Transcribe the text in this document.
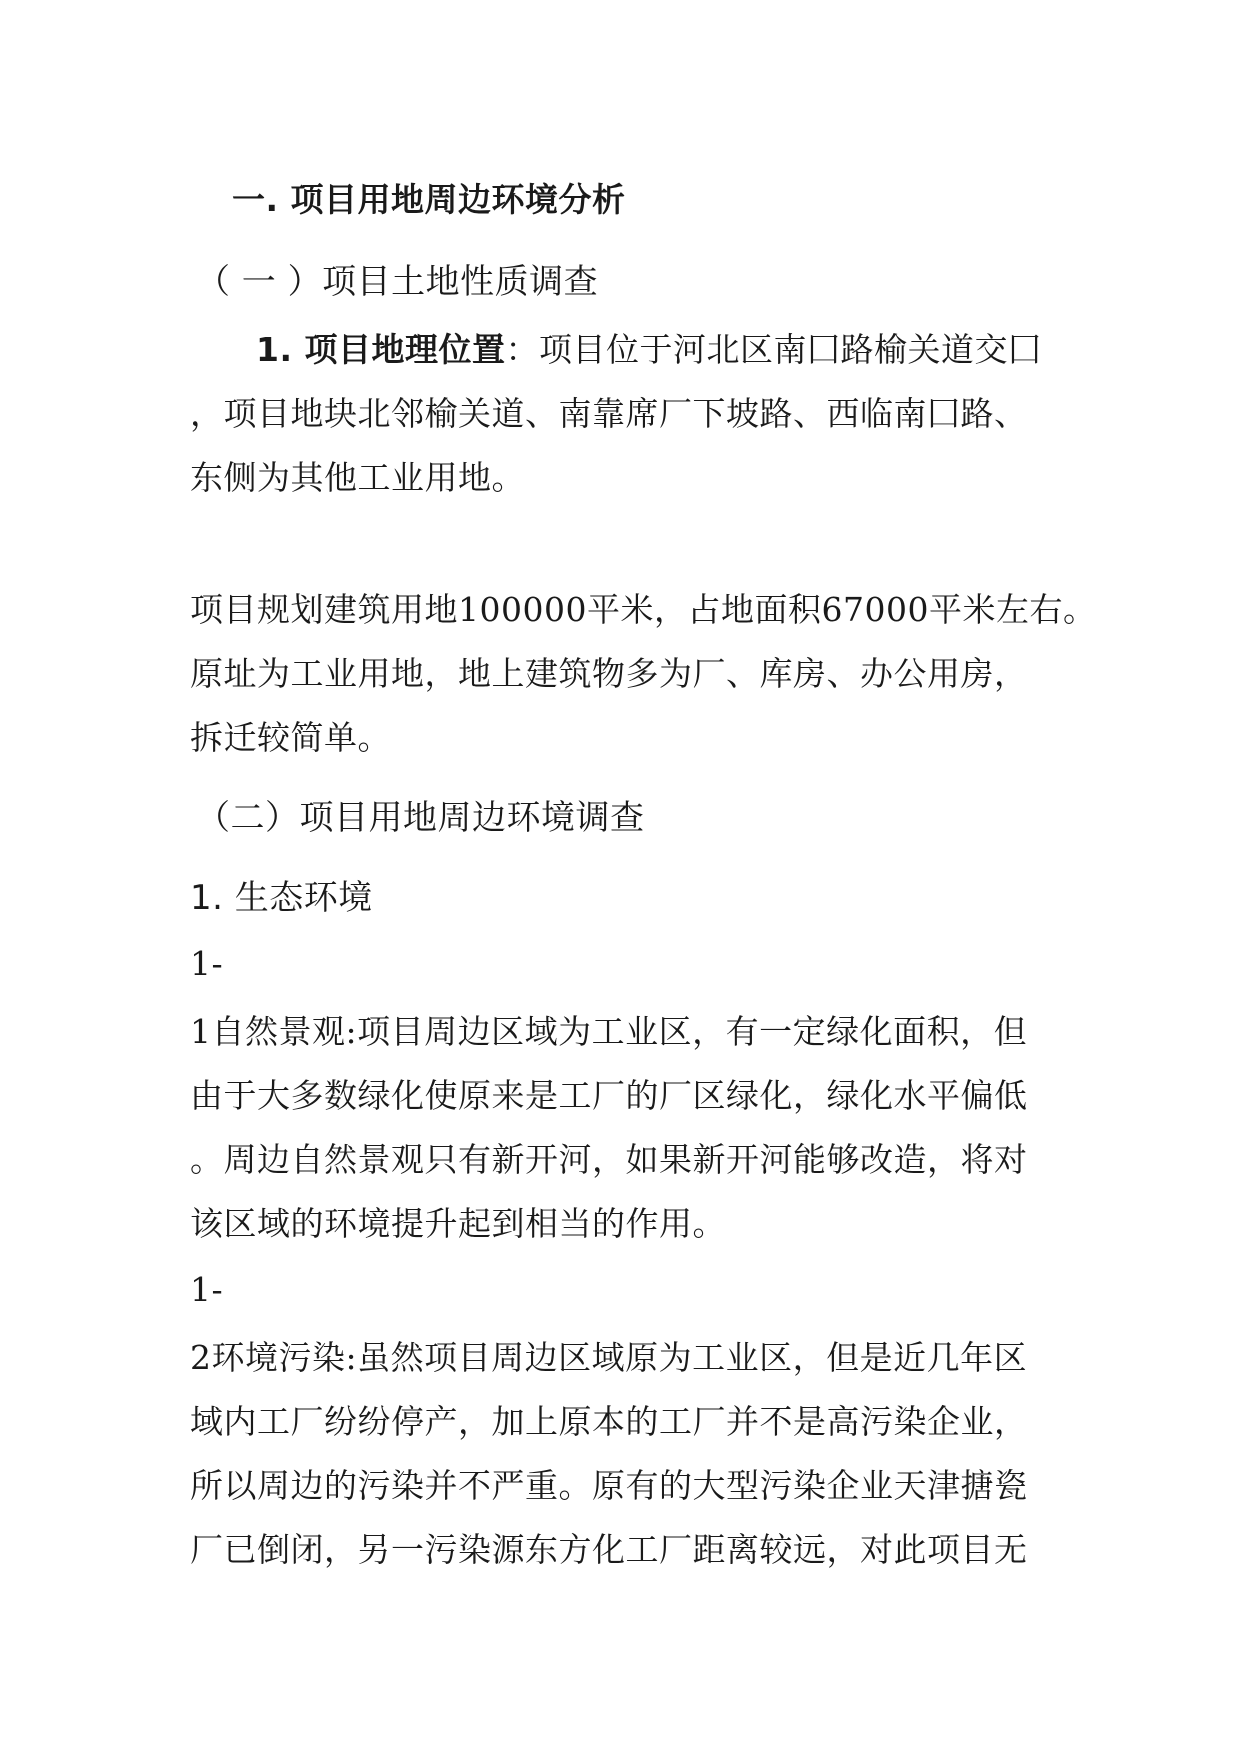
一. 项目用地周边环境分析
（ 一 ）项目土地性质调查
1. 项目地理位置：项目位于河北区南囗路榆关道交囗
，项目地块北邻榆关道、南靠席厂下坡路、西临南囗路、
东侧为其他工业用地。
项目规划建筑用地100000平米，占地面积67000平米左右。
原址为工业用地，地上建筑物多为厂、库房、办公用房，
拆迁较简单。
（二）项目用地周边环境调查
1. 生态环境
1-
1自然景观:项目周边区域为工业区，有一定绿化面积，但
由于大多数绿化使原来是工厂的厂区绿化，绿化水平偏低
。周边自然景观只有新开河，如果新开河能够改造，将对
该区域的环境提升起到相当的作用。
1-
2环境污染:虽然项目周边区域原为工业区，但是近几年区
域内工厂纷纷停产，加上原本的工厂并不是高污染企业，
所以周边的污染并不严重。原有的大型污染企业天津搪瓷
厂已倒闭，另一污染源东方化工厂距离较远，对此项目无
